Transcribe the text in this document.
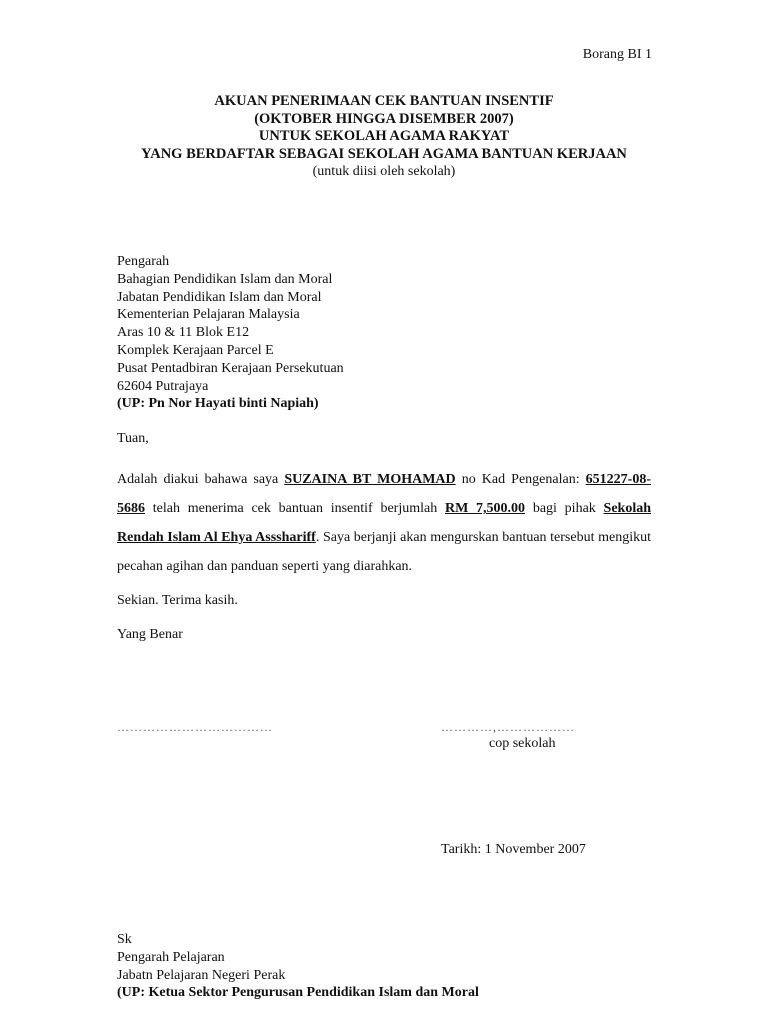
Borang BI 1
AKUAN PENERIMAAN CEK BANTUAN INSENTIF
(OKTOBER HINGGA DISEMBER 2007)
UNTUK SEKOLAH AGAMA RAKYAT
YANG BERDAFTAR SEBAGAI SEKOLAH AGAMA BANTUAN KERJAAN
(untuk diisi oleh sekolah)
Pengarah
Bahagian Pendidikan Islam dan Moral
Jabatan Pendidikan Islam dan Moral
Kementerian Pelajaran Malaysia
Aras 10 & 11 Blok E12
Komplek Kerajaan Parcel E
Pusat Pentadbiran Kerajaan Persekutuan
62604 Putrajaya
(UP: Pn Nor Hayati binti Napiah)
Tuan,
Adalah diakui bahawa saya SUZAINA BT MOHAMAD no Kad Pengenalan: 651227-08-5686 telah menerima cek bantuan insentif berjumlah RM 7,500.00 bagi pihak Sekolah Rendah Islam Al Ehya Assshariff. Saya berjanji akan mengurskan bantuan tersebut mengikut pecahan agihan dan panduan seperti yang diarahkan.
Sekian. Terima kasih.
Yang Benar
………………………………	…………,………………
cop sekolah
Tarikh: 1 November 2007
Sk
Pengarah Pelajaran
Jabatn Pelajaran Negeri Perak
(UP: Ketua Sektor Pengurusan Pendidikan Islam dan Moral
